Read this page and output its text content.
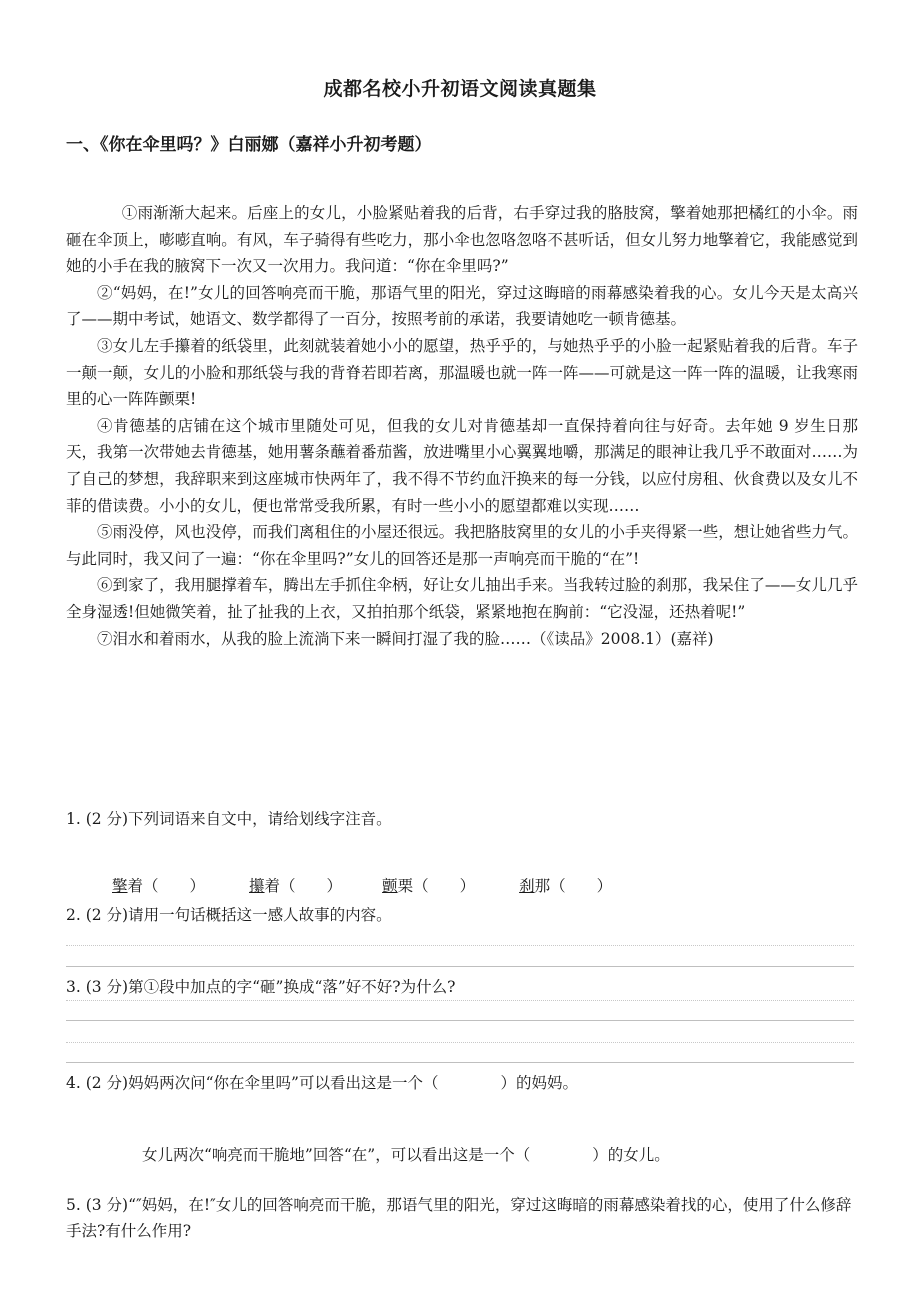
成都名校小升初语文阅读真题集
一、《你在伞里吗？》白丽娜（嘉祥小升初考题）

①雨渐渐大起来。后座上的女儿，小脸紧贴着我的后背，右手穿过我的胳肢窝，擎着她那把橘红的小伞。雨砸在伞顶上，嘭嘭直响。有风，车子骑得有些吃力，那小伞也忽咯忽咯不甚听话，但女儿努力地擎着它，我能感觉到她的小手在我的腋窝下一次又一次用力。我问道：“你在伞里吗?”

②“妈妈，在!”女儿的回答响亮而干脆，那语气里的阳光，穿过这晦暗的雨幕感染着我的心。女儿今天是太高兴了——期中考试，她语文、数学都得了一百分，按照考前的承诺，我要请她吃一顿肯德基。

③女儿左手攥着的纸袋里，此刻就装着她小小的愿望，热乎乎的，与她热乎乎的小脸一起紧贴着我的后背。车子一颠一颠，女儿的小脸和那纸袋与我的背脊若即若离，那温暖也就一阵一阵——可就是这一阵一阵的温暖，让我寒雨里的心一阵阵颤栗!

④肯德基的店铺在这个城市里随处可见，但我的女儿对肯德基却一直保持着向往与好奇。去年她 9 岁生日那天，我第一次带她去肯德基，她用薯条蘸着番茄酱，放进嘴里小心翼翼地嚼，那满足的眼神让我几乎不敢面对……为了自己的梦想，我辞职来到这座城市快两年了，我不得不节约血汗换来的每一分钱，以应付房租、伙食费以及女儿不菲的借读费。小小的女儿，便也常常受我所累，有时一些小小的愿望都难以实现……

⑤雨没停，风也没停，而我们离租住的小屋还很远。我把胳肢窝里的女儿的小手夹得紧一些，想让她省些力气。与此同时，我又问了一遍：“你在伞里吗?”女儿的回答还是那一声响亮而干脆的“在”!

⑥到家了，我用腿撑着车，腾出左手抓住伞柄，好让女儿抽出手来。当我转过脸的刹那，我呆住了——女儿几乎全身湿透!但她微笑着，扯了扯我的上衣，又拍拍那个纸袋，紧紧地抱在胸前：“它没湿，还热着呢!”

⑦泪水和着雨水，从我的脸上流淌下来一瞬间打湿了我的脸……（《读品》2008.1）(嘉祥)

1. (2 分)下列词语来自文中，请给划线字注音。
擎着（　　）	攥着（　　）	颤栗（　　）	刹那（　　）
2. (2 分)请用一句话概括这一感人故事的内容。
3. (3 分)第①段中加点的字“砸”换成“落”好不好?为什么?
4. (2 分)妈妈两次问“你在伞里吗”可以看出这是一个（　　　　）的妈妈。
女儿两次“响亮而干脆地”回答“在”，可以看出这是一个（　　　　）的女儿。
5. (3 分)“″妈妈，在!″女儿的回答响亮而干脆，那语气里的阳光，穿过这晦暗的雨幕感染着找的心，使用了什么修辞手法?有什么作用?
